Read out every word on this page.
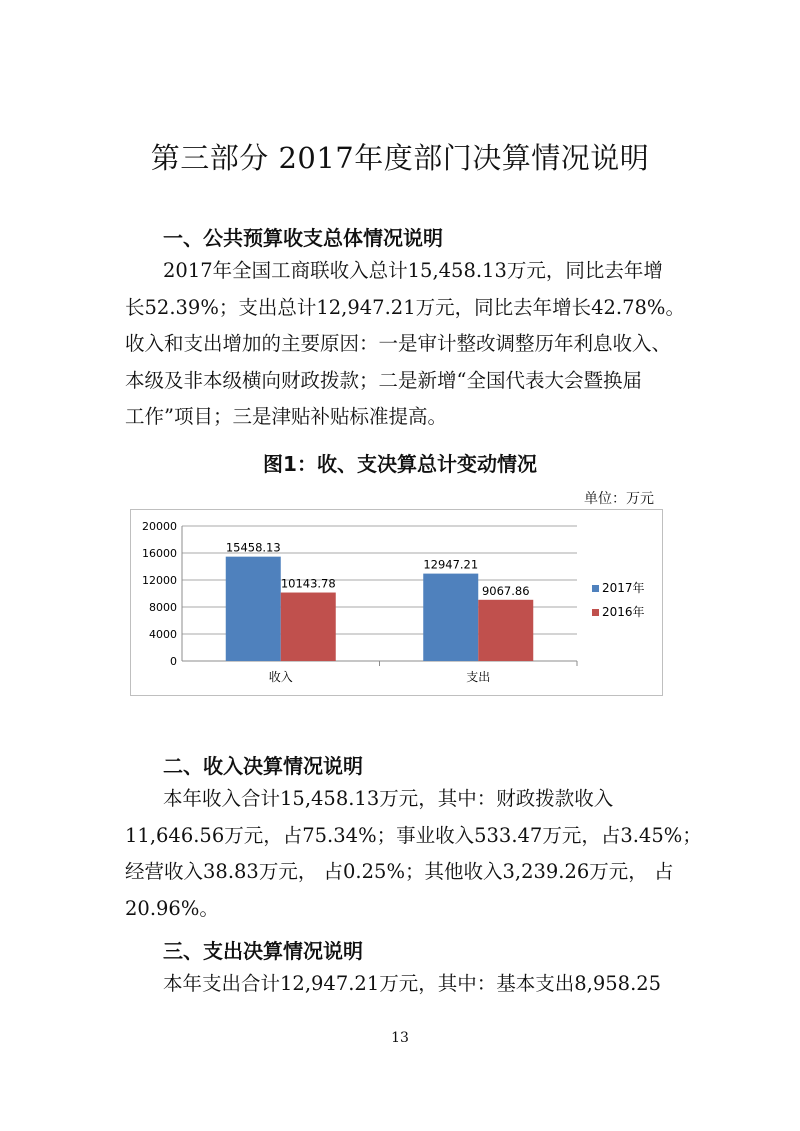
第三部分 2017年度部门决算情况说明
一、公共预算收支总体情况说明
2017年全国工商联收入总计15,458.13万元，同比去年增
长52.39%；支出总计12,947.21万元，同比去年增长42.78%。
收入和支出增加的主要原因：一是审计整改调整历年利息收入、
本级及非本级横向财政拨款；二是新增“全国代表大会暨换届
工作”项目；三是津贴补贴标准提高。
图1：收、支决算总计变动情况
单位：万元
0
4000
8000
12000
16000
20000
收入
15458.13
10143.78
支出
12947.21
9067.86	2017年
2016年
二、收入决算情况说明
本年收入合计15,458.13万元，其中：财政拨款收入
11,646.56万元，占75.34%；事业收入533.47万元，占3.45%；
经营收入38.83万元， 占0.25%；其他收入3,239.26万元， 占
20.96%。
三、支出决算情况说明
本年支出合计12,947.21万元，其中：基本支出8,958.25
13
